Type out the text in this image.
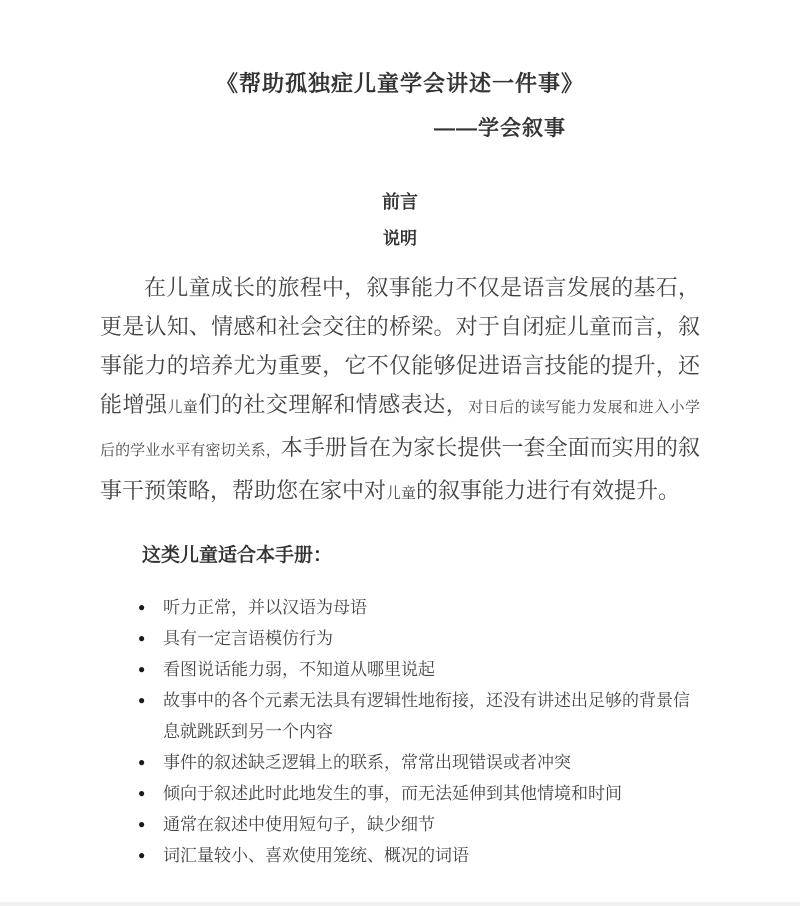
《帮助孤独症儿童学会讲述一件事》
——学会叙事
前言
说明

在儿童成长的旅程中，叙事能力不仅是语言发展的基石，更是认知、情感和社会交往的桥梁。对于自闭症儿童而言，叙事能力的培养尤为重要，它不仅能够促进语言技能的提升，还能增强儿童们的社交理解和情感表达，对日后的读写能力发展和进入小学后的学业水平有密切关系，本手册旨在为家长提供一套全面而实用的叙事干预策略，帮助您在家中对儿童的叙事能力进行有效提升。

这类儿童适合本手册：
●	听力正常，并以汉语为母语
●	具有一定言语模仿行为
●	看图说话能力弱，不知道从哪里说起
●	故事中的各个元素无法具有逻辑性地衔接，还没有讲述出足够的背景信息就跳跃到另一个内容
●	事件的叙述缺乏逻辑上的联系，常常出现错误或者冲突
●	倾向于叙述此时此地发生的事，而无法延伸到其他情境和时间
●	通常在叙述中使用短句子，缺少细节
●	词汇量较小、喜欢使用笼统、概况的词语
